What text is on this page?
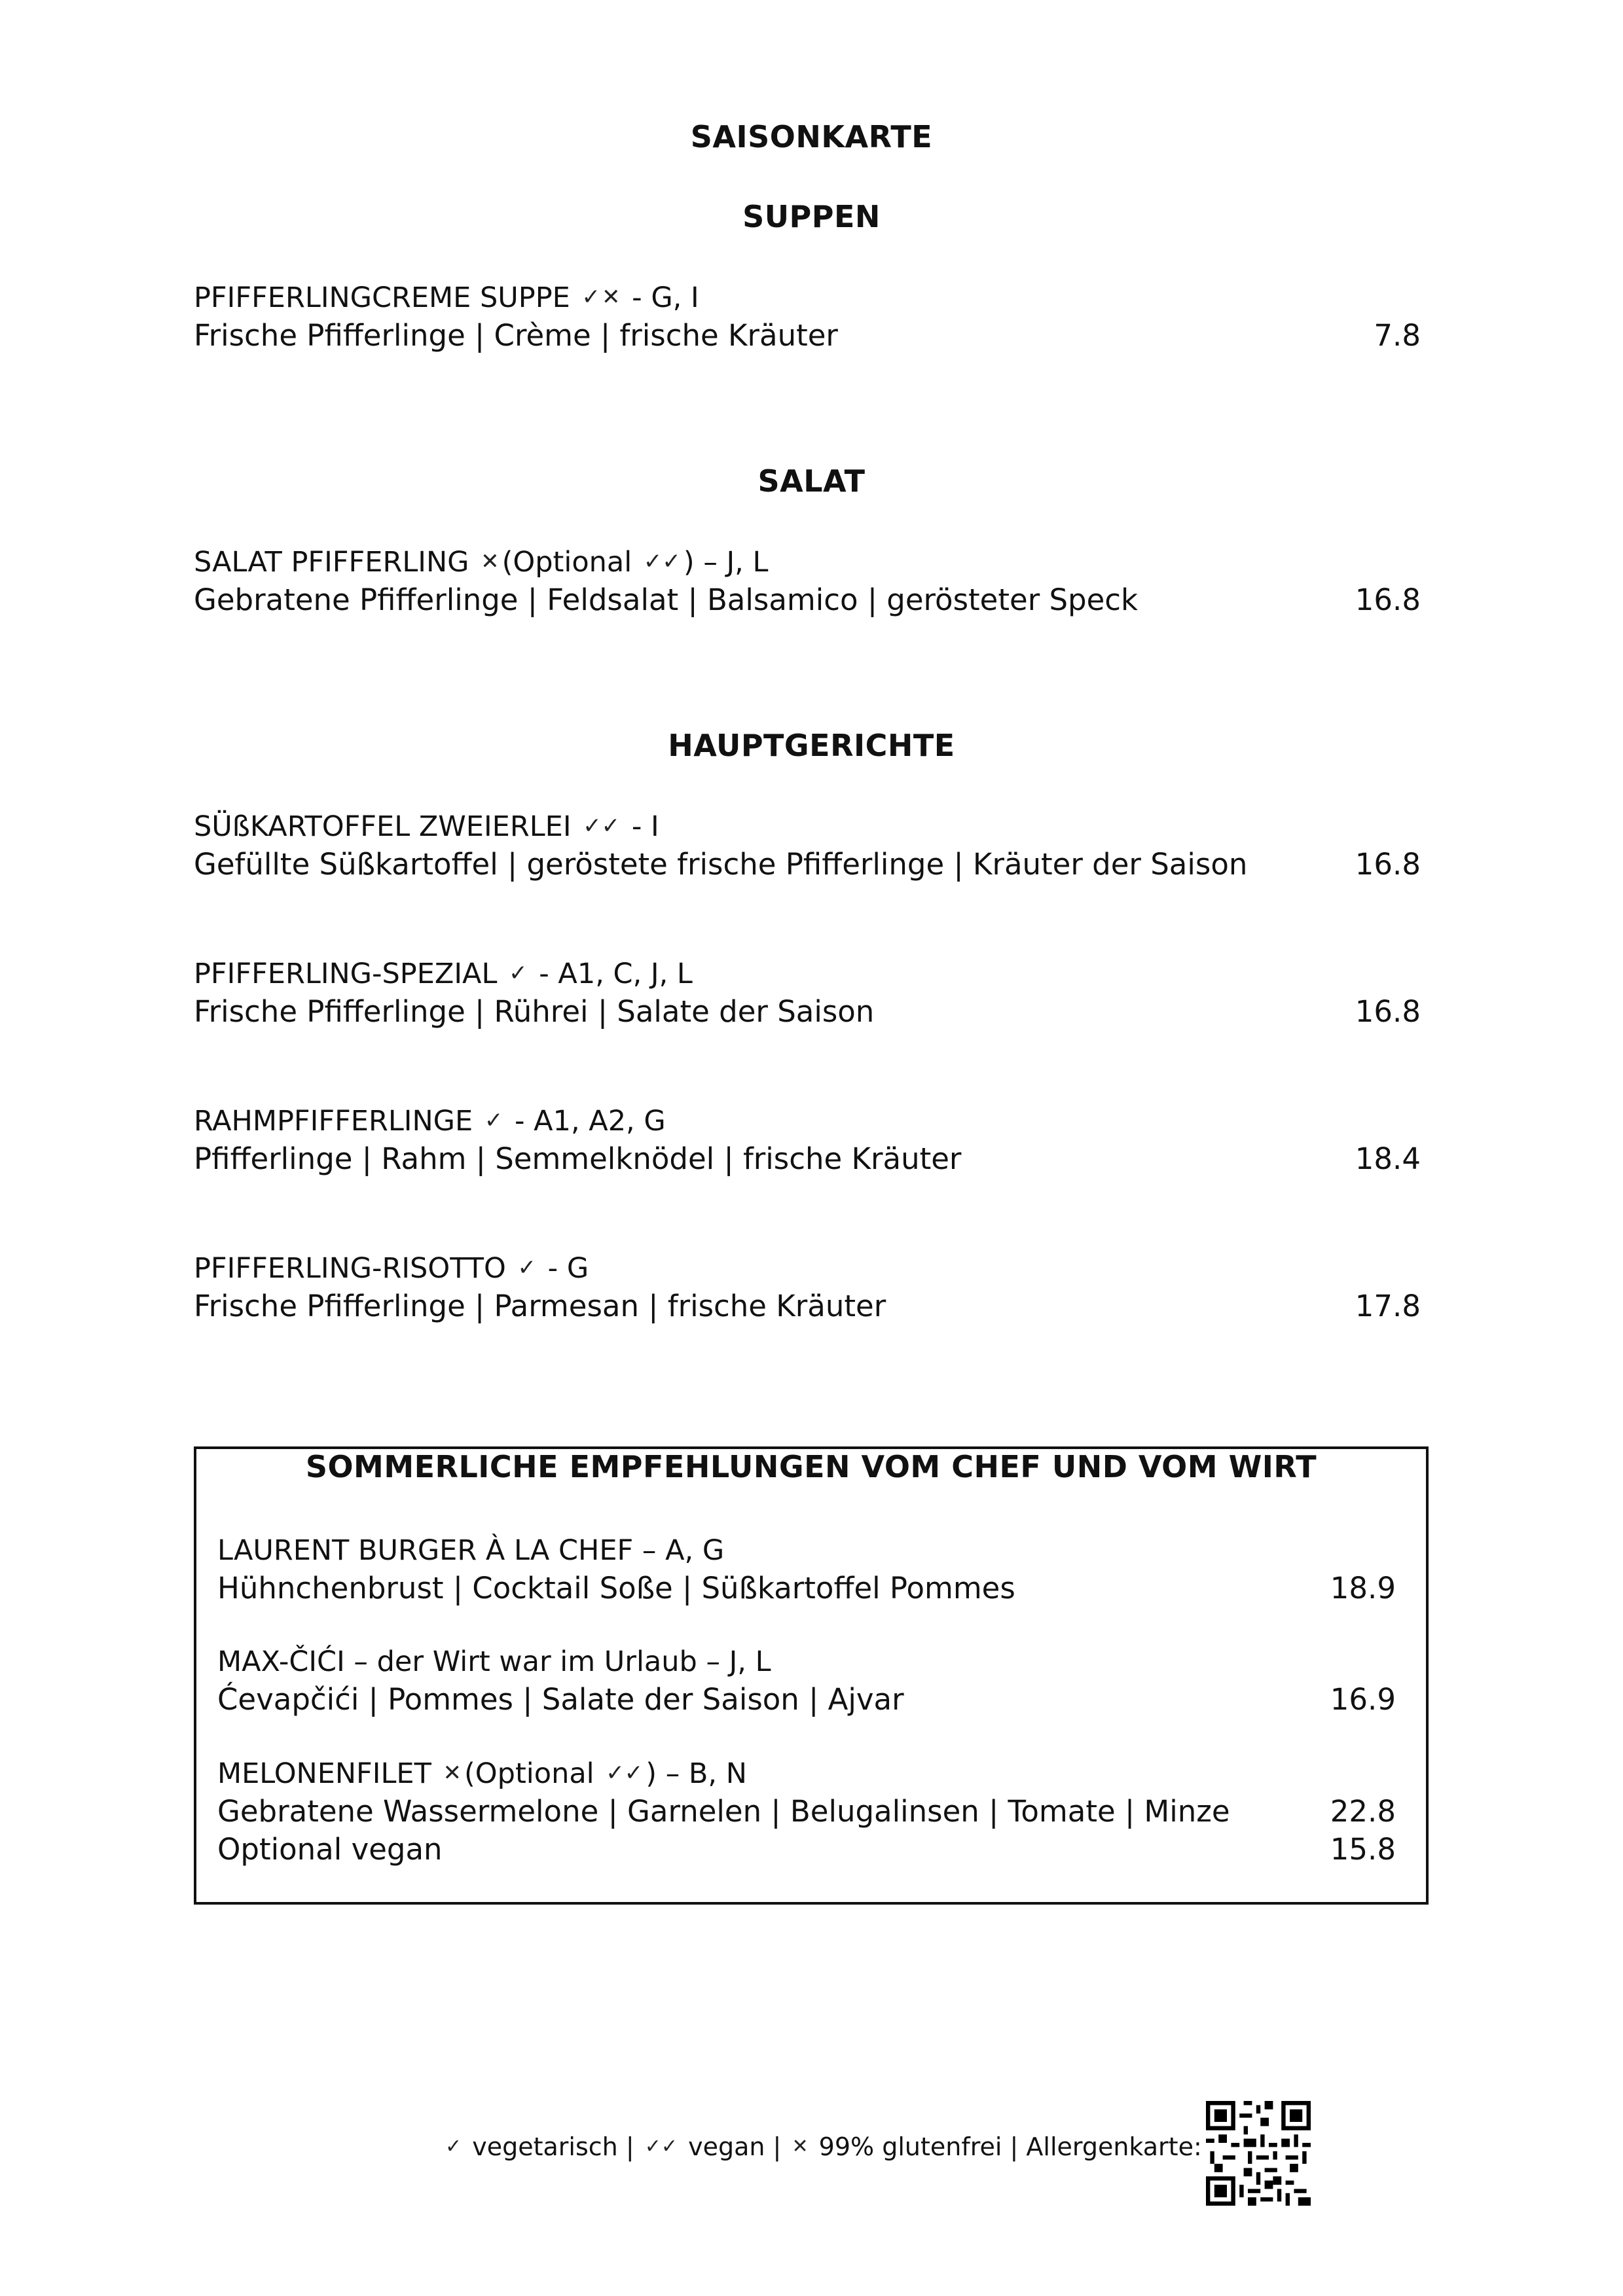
SAISONKARTE
SUPPEN
PFIFFERLINGCREME SUPPE ✓✕ - G, I
Frische Pfifferlinge | Crème | frische Kräuter	7.8
SALAT
SALAT PFIFFERLING ✕(Optional ✓✓) – J, L
Gebratene Pfifferlinge | Feldsalat | Balsamico | gerösteter Speck	16.8
HAUPTGERICHTE
SÜßKARTOFFEL ZWEIERLEI ✓✓ - I
Gefüllte Süßkartoffel | geröstete frische Pfifferlinge | Kräuter der Saison	16.8
PFIFFERLING-SPEZIAL ✓ - A1, C, J, L
Frische Pfifferlinge | Rührei | Salate der Saison	16.8
RAHMPFIFFERLINGE ✓ - A1, A2, G
Pfifferlinge | Rahm | Semmelknödel | frische Kräuter	18.4
PFIFFERLING-RISOTTO ✓ - G
Frische Pfifferlinge | Parmesan | frische Kräuter	17.8
SOMMERLICHE EMPFEHLUNGEN VOM CHEF UND VOM WIRT
LAURENT BURGER À LA CHEF – A, G
Hühnchenbrust | Cocktail Soße | Süßkartoffel Pommes	18.9
MAX-ČIĆI – der Wirt war im Urlaub – J, L
Ćevapčići | Pommes | Salate der Saison | Ajvar	16.9
MELONENFILET ✕(Optional ✓✓) – B, N
Gebratene Wassermelone | Garnelen | Belugalinsen | Tomate | Minze	22.8
Optional vegan	15.8
✓ vegetarisch | ✓✓ vegan | ✕ 99% glutenfrei | Allergenkarte:
